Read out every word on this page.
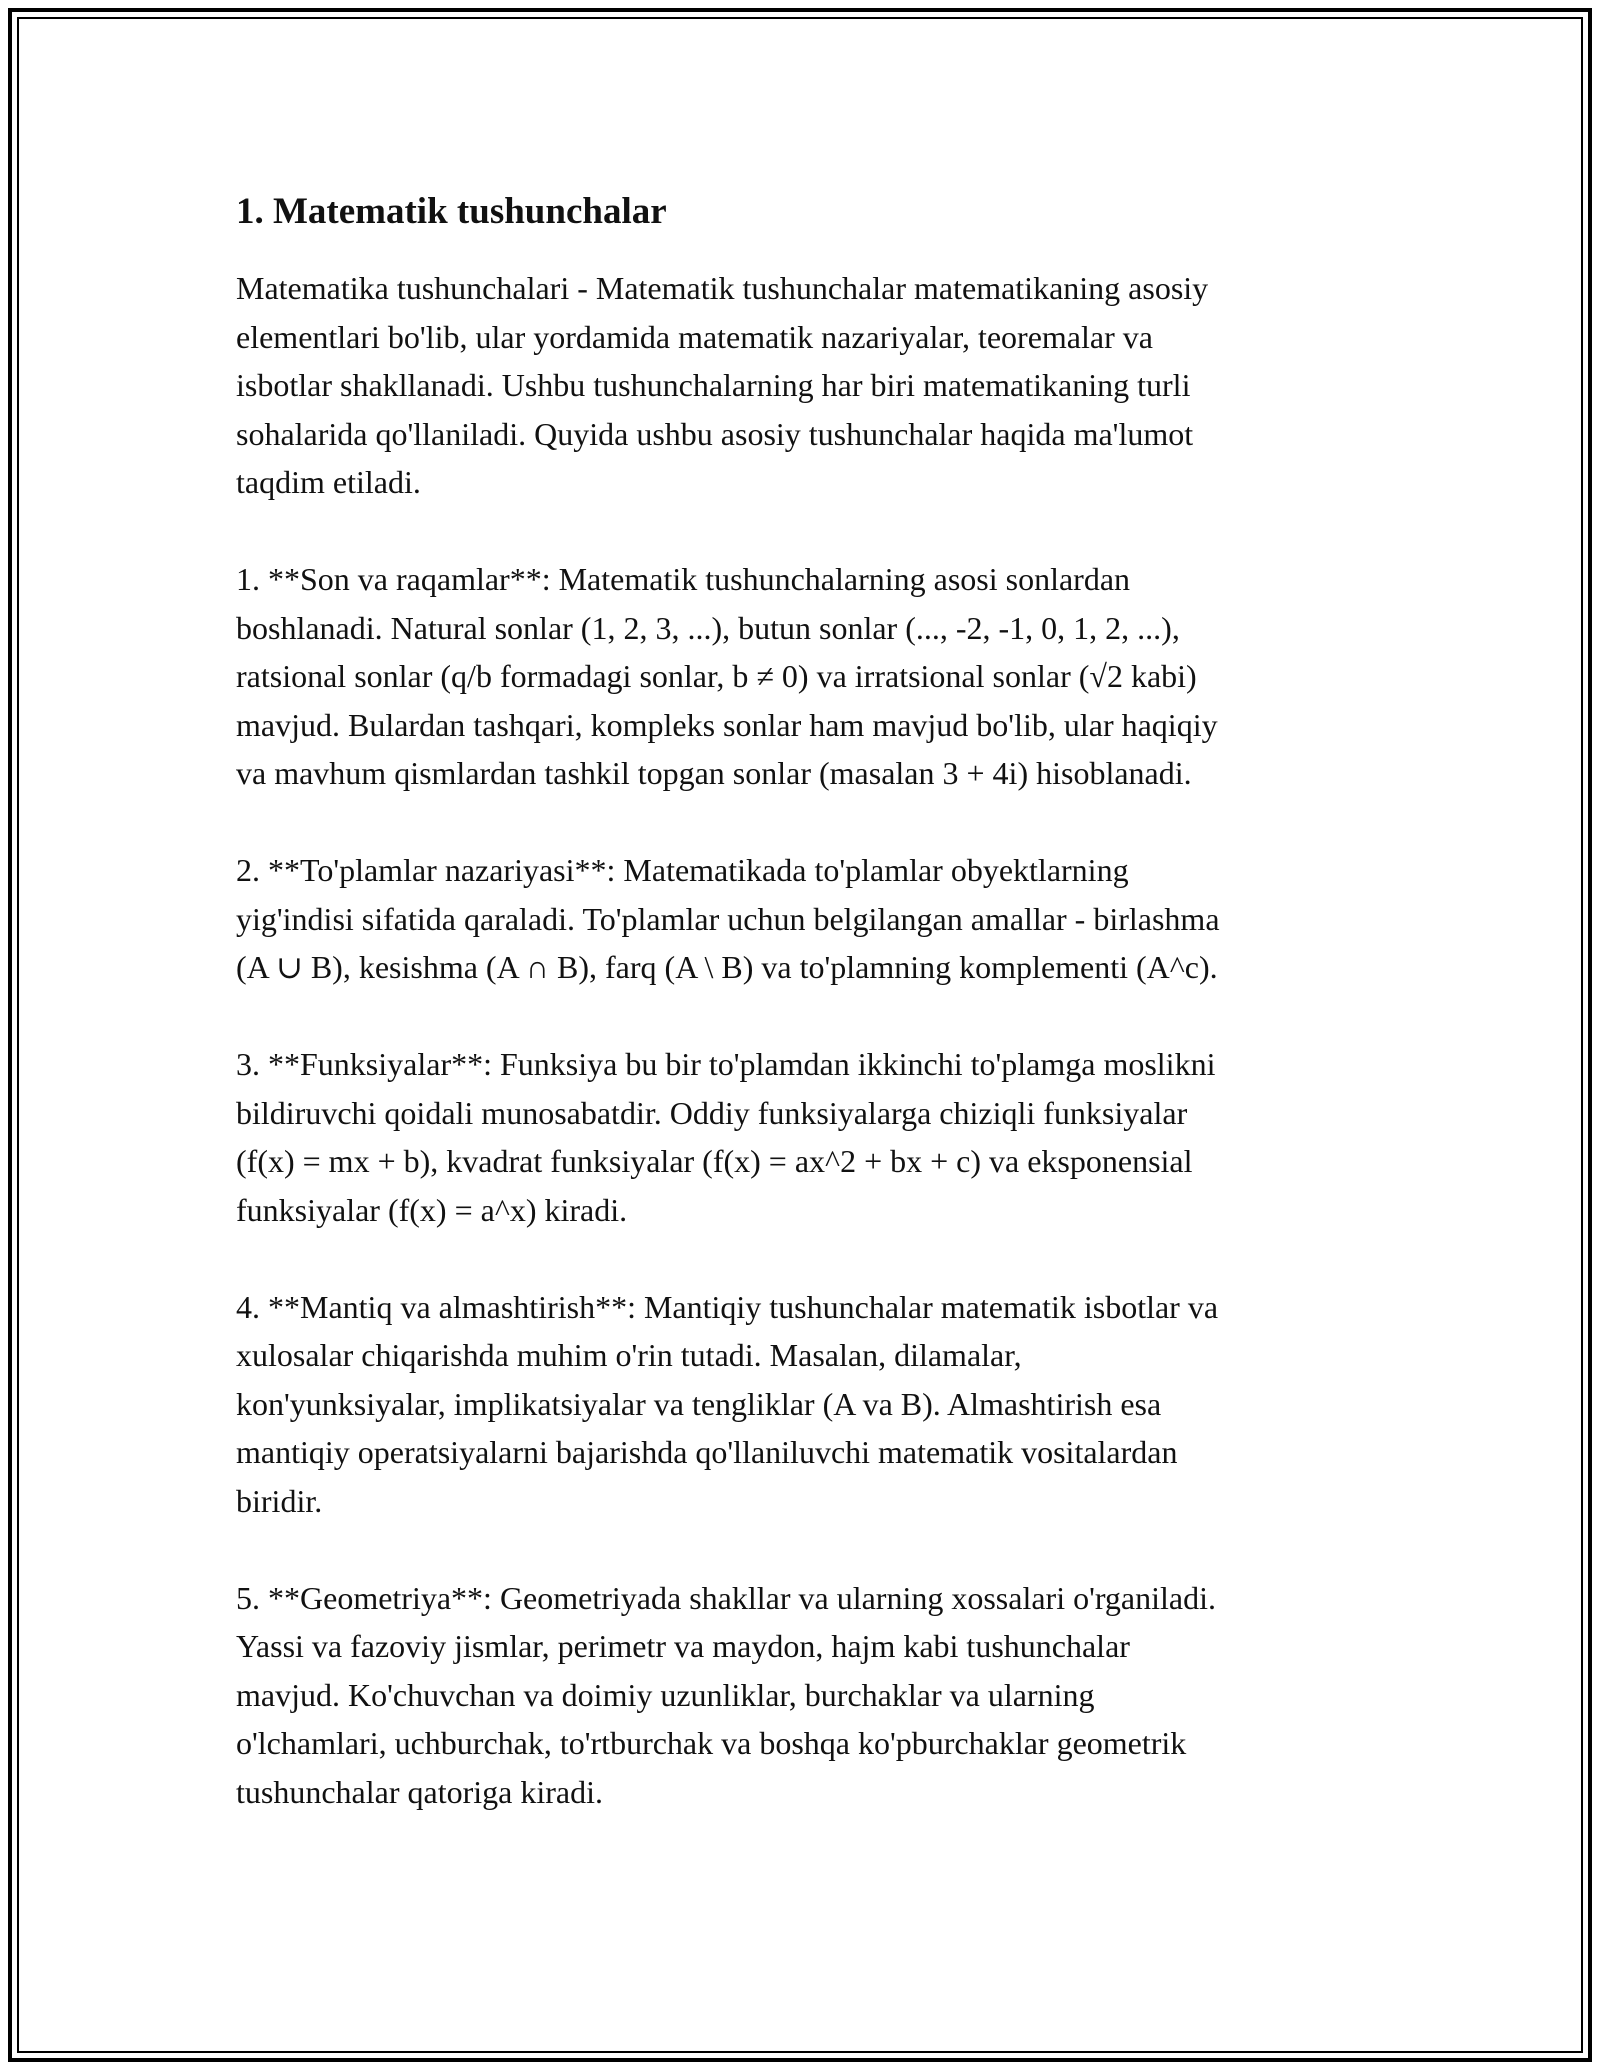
1. Matematik tushunchalar

Matematika tushunchalari - Matematik tushunchalar matematikaning asosiy
elementlari bo'lib, ular yordamida matematik nazariyalar, teoremalar va
isbotlar shakllanadi. Ushbu tushunchalarning har biri matematikaning turli
sohalarida qo'llaniladi. Quyida ushbu asosiy tushunchalar haqida ma'lumot
taqdim etiladi.

1. **Son va raqamlar**: Matematik tushunchalarning asosi sonlardan
boshlanadi. Natural sonlar (1, 2, 3, ...), butun sonlar (..., -2, -1, 0, 1, 2, ...),
ratsional sonlar (q/b formadagi sonlar, b ≠ 0) va irratsional sonlar (√2 kabi)
mavjud. Bulardan tashqari, kompleks sonlar ham mavjud bo'lib, ular haqiqiy
va mavhum qismlardan tashkil topgan sonlar (masalan 3 + 4i) hisoblanadi.

2. **To'plamlar nazariyasi**: Matematikada to'plamlar obyektlarning
yig'indisi sifatida qaraladi. To'plamlar uchun belgilangan amallar - birlashma
(A ∪ B), kesishma (A ∩ B), farq (A \ B) va to'plamning komplementi (A^c).

3. **Funksiyalar**: Funksiya bu bir to'plamdan ikkinchi to'plamga moslikni
bildiruvchi qoidali munosabatdir. Oddiy funksiyalarga chiziqli funksiyalar
(f(x) = mx + b), kvadrat funksiyalar (f(x) = ax^2 + bx + c) va eksponensial
funksiyalar (f(x) = a^x) kiradi.

4. **Mantiq va almashtirish**: Mantiqiy tushunchalar matematik isbotlar va
xulosalar chiqarishda muhim o'rin tutadi. Masalan, dilamalar,
kon'yunksiyalar, implikatsiyalar va tengliklar (A va B). Almashtirish esa
mantiqiy operatsiyalarni bajarishda qo'llaniluvchi matematik vositalardan
biridir.

5. **Geometriya**: Geometriyada shakllar va ularning xossalari o'rganiladi.
Yassi va fazoviy jismlar, perimetr va maydon, hajm kabi tushunchalar
mavjud. Ko'chuvchan va doimiy uzunliklar, burchaklar va ularning
o'lchamlari, uchburchak, to'rtburchak va boshqa ko'pburchaklar geometrik
tushunchalar qatoriga kiradi.
